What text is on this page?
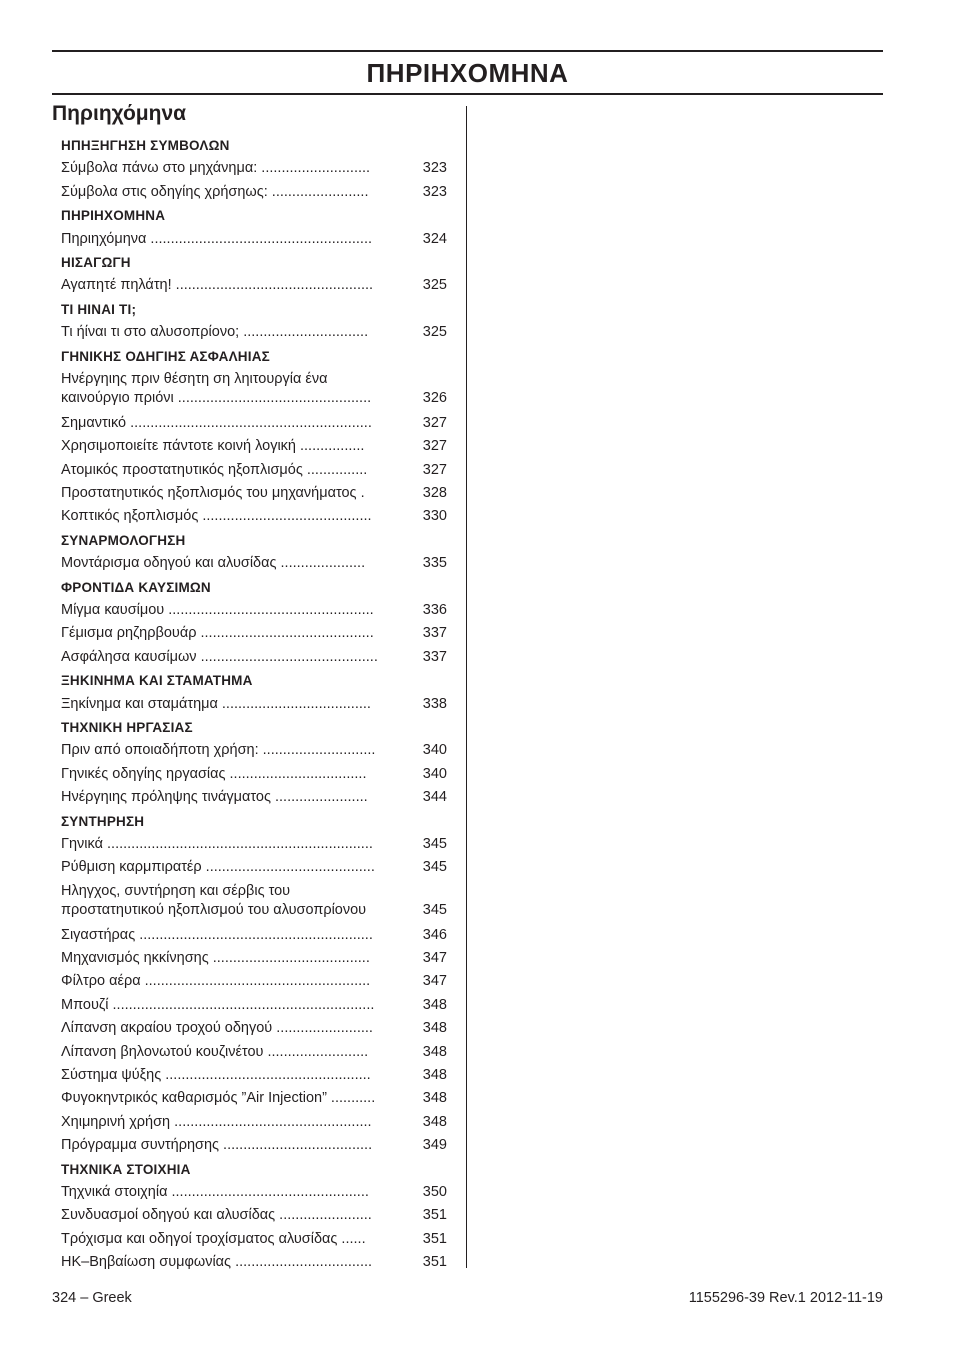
ΠΗΡΙΗΧΟΜΗΝΑ
Πηριηχόμηνα
ΗΠΗΞΗΓΗΣΗ ΣΥΜΒΟΛΩΝ
Σύμβολα πάνω στο μηχάνημα: ...........................	323
Σύμβολα στις οδηγίης χρήσηως: ........................	323
ΠΗΡΙΗΧΟΜΗΝΑ
Πηριηχόμηνα .......................................................	324
ΗΙΣΑΓΩΓΗ
Αγαπητέ πηλάτη! .................................................	325
ΤΙ ΗΙΝΑΙ ΤΙ;
Τι ήίναι τι στο αλυσοπρίονο; ...............................	325
ΓΗΝΙΚΗΣ ΟΔΗΓΙΗΣ ΑΣΦΑΛΗΙΑΣ
Ηνέργηιης πριν θέσητη ση ληιτουργία ένα
καινούργιο πριόνι ................................................	326
Σημαντικό ............................................................	327
Χρησιμοποιείτε πάντοτε κοινή λογική ................	327
Ατομικός προστατηυτικός ηξοπλισμός ...............	327
Προστατηυτικός ηξοπλισμός του μηχανήματος .	328
Κοπτικός ηξοπλισμός ..........................................	330
ΣΥΝΑΡΜΟΛΟΓΗΣΗ
Μοντάρισμα οδηγού και αλυσίδας .....................	335
ΦΡΟΝΤΙΔΑ ΚΑΥΣΙΜΩΝ
Μίγμα καυσίμου ...................................................	336
Γέμισμα ρηζηρβουάρ ...........................................	337
Ασφάλησα καυσίμων ............................................	337
ΞΗΚΙΝΗΜΑ ΚΑΙ ΣΤΑΜΑΤΗΜΑ
Ξηκίνημα και σταμάτημα .....................................	338
ΤΗΧΝΙΚΗ ΗΡΓΑΣΙΑΣ
Πριν από οποιαδήποτη χρήση: ............................	340
Γηνικές οδηγίης ηργασίας ..................................	340
Ηνέργηιης πρόληψης τινάγματος .......................	344
ΣΥΝΤΗΡΗΣΗ
Γηνικά ..................................................................	345
Ρύθμιση καρμπιρατέρ ..........................................	345
Ηληγχος, συντήρηση και σέρβις του
προστατηυτικού ηξοπλισμού του αλυσοπρίονου	345
Σιγαστήρας ..........................................................	346
Μηχανισμός ηκκίνησης .......................................	347
Φίλτρο αέρα ........................................................	347
Μπουζί .................................................................	348
Λίπανση ακραίου τροχού οδηγού ........................	348
Λίπανση βηλονωτού κουζινέτου .........................	348
Σύστημα ψύξης ...................................................	348
Φυγοκηντρικός καθαρισμός ”Air Injection” ...........	348
Χηιμηρινή χρήση .................................................	348
Πρόγραμμα συντήρησης .....................................	349
ΤΗΧΝΙΚΑ ΣΤΟΙΧΗΙΑ
Τηχνικά στοιχηία .................................................	350
Συνδυασμοί οδηγού και αλυσίδας .......................	351
Τρόχισμα και οδηγοί τροχίσματος αλυσίδας ......	351
ΗΚ–Βηβαίωση συμφωνίας ..................................	351
324 – Greek	1155296-39 Rev.1 2012-11-19
